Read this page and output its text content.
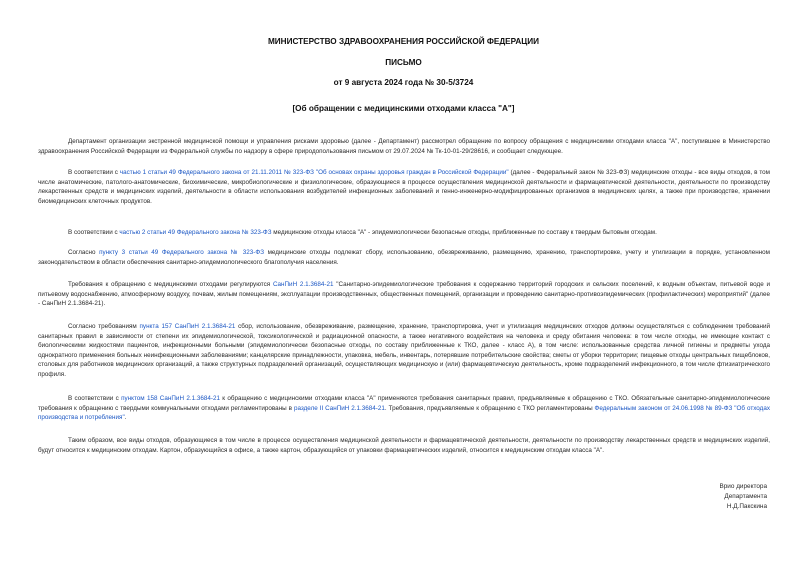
МИНИСТЕРСТВО ЗДРАВООХРАНЕНИЯ РОССИЙСКОЙ ФЕДЕРАЦИИ
ПИСЬМО
от 9 августа 2024 года № 30-5/3724
[Об обращении с медицинскими отходами класса "А"]

Департамент организации экстренной медицинской помощи и управления рисками здоровью (далее - Департамент) рассмотрел обращение по вопросу обращения с медицинскими отходами класса "А", поступившее в Министерство здравоохранения Российской Федерации из Федеральной службы по надзору в сфере природопользования письмом от 29.07.2024 № Тк-10-01-29/28616, и сообщает следующее.

В соответствии с частью 1 статьи 49 Федерального закона от 21.11.2011 № 323-ФЗ "Об основах охраны здоровья граждан в Российской Федерации" (далее - Федеральный закон № 323-ФЗ) медицинские отходы - все виды отходов, в том числе анатомические, патолого-анатомические, биохимические, микробиологические и физиологические, образующиеся в процессе осуществления медицинской деятельности и фармацевтической деятельности, деятельности по производству лекарственных средств и медицинских изделий, деятельности в области использования возбудителей инфекционных заболеваний и генно-инженерно-модифицированных организмов в медицинских целях, а также при производстве, хранении биомедицинских клеточных продуктов.

В соответствии с частью 2 статьи 49 Федерального закона № 323-ФЗ медицинские отходы класса "А" - эпидемиологически безопасные отходы, приближенные по составу к твердым бытовым отходам.

Согласно пункту 3 статьи 49 Федерального закона № 323-ФЗ медицинские отходы подлежат сбору, использованию, обезвреживанию, размещению, хранению, транспортировке, учету и утилизации в порядке, установленном законодательством в области обеспечения санитарно-эпидемиологического благополучия населения.

Требования к обращению с медицинскими отходами регулируются СанПиН 2.1.3684-21 "Санитарно-эпидемиологические требования к содержанию территорий городских и сельских поселений, к водным объектам, питьевой воде и питьевому водоснабжению, атмосферному воздуху, почвам, жилым помещениям, эксплуатации производственных, общественных помещений, организации и проведению санитарно-противоэпидемических (профилактических) мероприятий" (далее - СанПиН 2.1.3684-21).

Согласно требованиям пункта 157 СанПиН 2.1.3684-21 сбор, использование, обезвреживание, размещение, хранение, транспортировка, учет и утилизация медицинских отходов должны осуществляться с соблюдением требований санитарных правил в зависимости от степени их эпидемиологической, токсикологической и радиационной опасности, а также негативного воздействия на человека и среду обитания человека: в том числе отходы, не имеющие контакт с биологическими жидкостями пациентов, инфекционными больными (эпидемиологически безопасные отходы, по составу приближенные к ТКО, далее - класс А), в том числе: использованные средства личной гигиены и предметы ухода однократного применения больных неинфекционными заболеваниями; канцелярские принадлежности, упаковка, мебель, инвентарь, потерявшие потребительские свойства; сметы от уборки территории; пищевые отходы центральных пищеблоков, столовых для работников медицинских организаций, а также структурных подразделений организаций, осуществляющих медицинскую и (или) фармацевтическую деятельность, кроме подразделений инфекционного, в том числе фтизиатрического профиля.

В соответствии с пунктом 158 СанПиН 2.1.3684-21 к обращению с медицинскими отходами класса "А" применяются требования санитарных правил, предъявляемые к обращению с ТКО. Обязательные санитарно-эпидемиологические требования к обращению с твердыми коммунальными отходами регламентированы в разделе II СанПиН 2.1.3684-21. Требования, предъявляемые к обращению с ТКО регламентированы Федеральным законом от 24.06.1998 № 89-ФЗ "Об отходах производства и потребления".

Таким образом, все виды отходов, образующиеся в том числе в процессе осуществления медицинской деятельности и фармацевтической деятельности, деятельности по производству лекарственных средств и медицинских изделий, будут относится к медицинским отходам. Картон, образующийся в офисе, а также картон, образующийся от упаковки фармацевтических изделий, относится к медицинским отходам класса "А".

Врио директора
Департамента
Н.Д.Пакскина
